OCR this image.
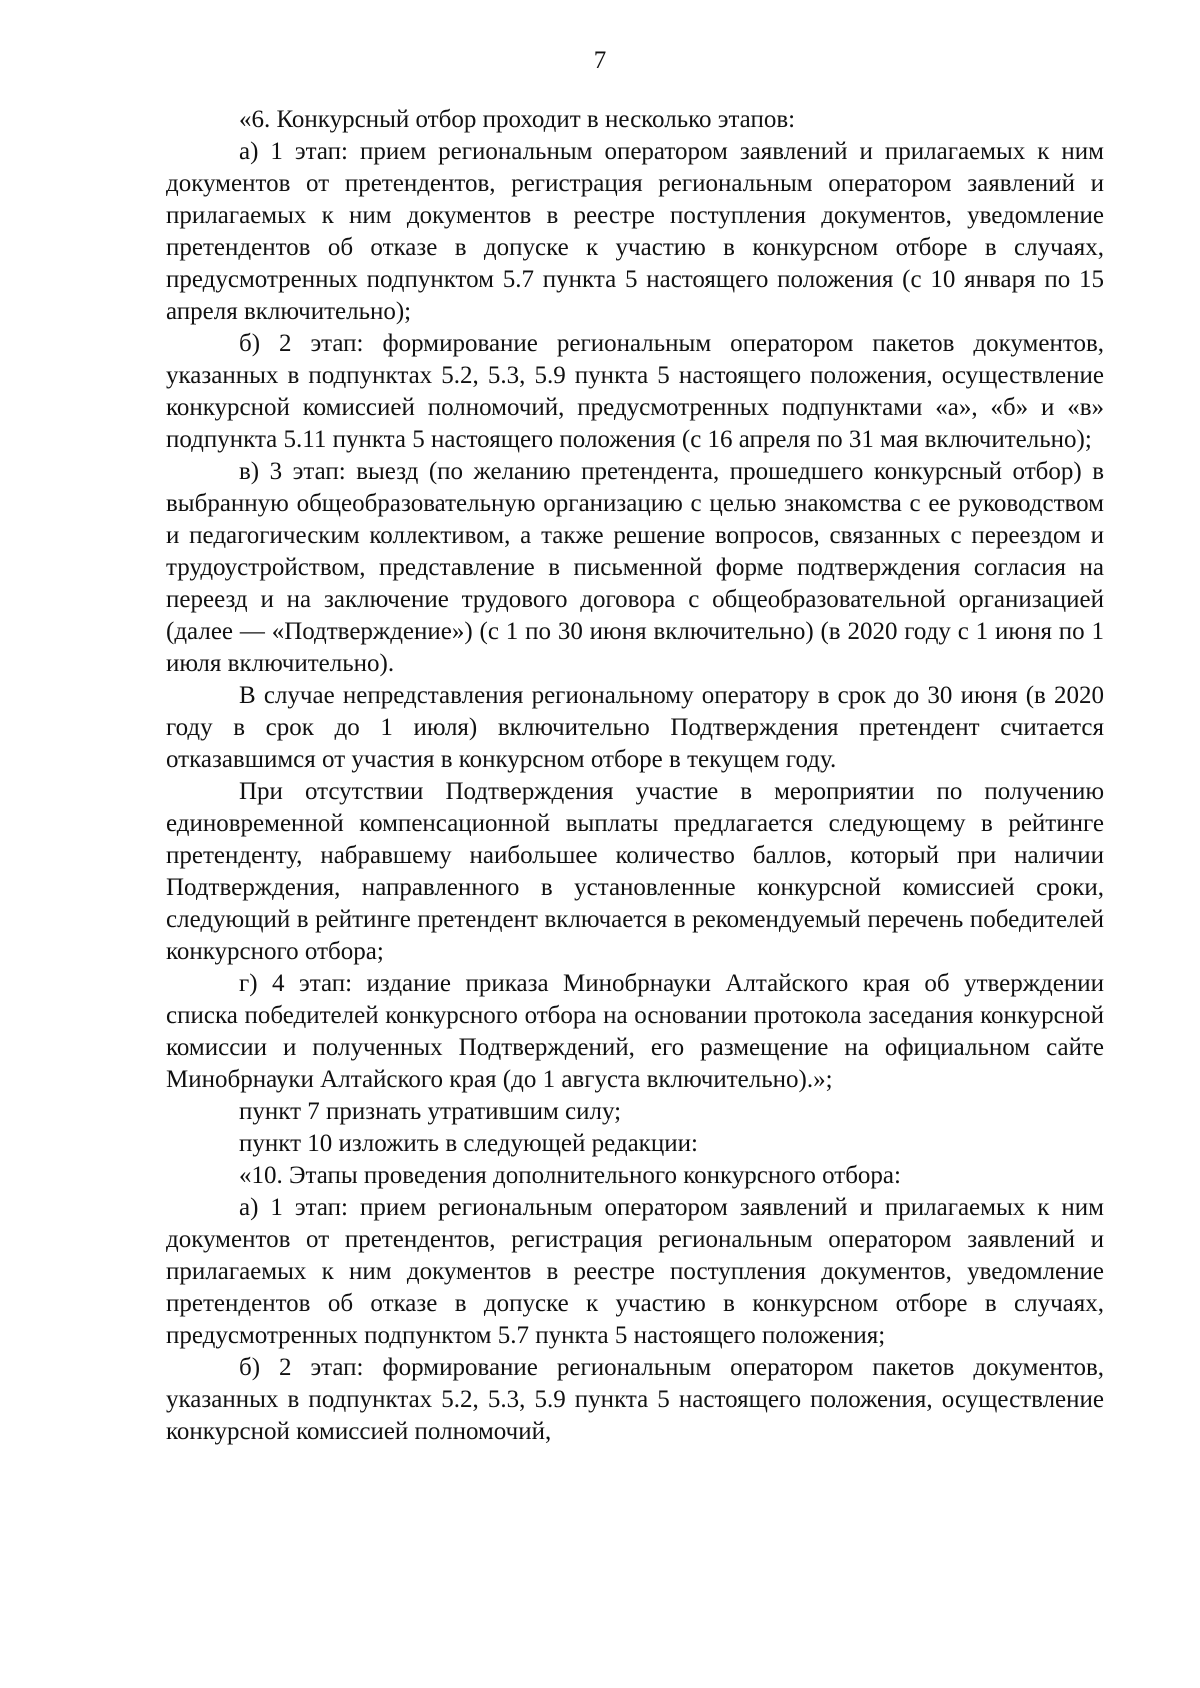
7

«6. Конкурсный отбор проходит в несколько этапов:

а) 1 этап: прием региональным оператором заявлений и прилагаемых к ним документов от претендентов, регистрация региональным оператором заявлений и прилагаемых к ним документов в реестре поступления документов, уведомление претендентов об отказе в допуске к участию в конкурсном отборе в случаях, предусмотренных подпунктом 5.7 пункта 5 настоящего положения (с 10 января по 15 апреля включительно);

б) 2 этап: формирование региональным оператором пакетов документов, указанных в подпунктах 5.2, 5.3, 5.9 пункта 5 настоящего положения, осуществление конкурсной комиссией полномочий, предусмотренных подпунктами «а», «б» и «в» подпункта 5.11 пункта 5 настоящего положения (с 16 апреля по 31 мая включительно);

в) 3 этап: выезд (по желанию претендента, прошедшего конкурсный отбор) в выбранную общеобразовательную организацию с целью знакомства с ее руководством и педагогическим коллективом, а также решение вопросов, связанных с переездом и трудоустройством, представление в письменной форме подтверждения согласия на переезд и на заключение трудового договора с общеобразовательной организацией (далее — «Подтверждение») (с 1 по 30 июня включительно) (в 2020 году с 1 июня по 1 июля включительно).

В случае непредставления региональному оператору в срок до 30 июня (в 2020 году в срок до 1 июля) включительно Подтверждения претендент считается отказавшимся от участия в конкурсном отборе в текущем году.

При отсутствии Подтверждения участие в мероприятии по получению единовременной компенсационной выплаты предлагается следующему в рейтинге претенденту, набравшему наибольшее количество баллов, который при наличии Подтверждения, направленного в установленные конкурсной комиссией сроки, следующий в рейтинге претендент включается в рекомендуемый перечень победителей конкурсного отбора;

г) 4 этап: издание приказа Минобрнауки Алтайского края об утверждении списка победителей конкурсного отбора на основании протокола заседания конкурсной комиссии и полученных Подтверждений, его размещение на официальном сайте Минобрнауки Алтайского края (до 1 августа включительно).»;

пункт 7 признать утратившим силу;

пункт 10 изложить в следующей редакции:

«10. Этапы проведения дополнительного конкурсного отбора:

а) 1 этап: прием региональным оператором заявлений и прилагаемых к ним документов от претендентов, регистрация региональным оператором заявлений и прилагаемых к ним документов в реестре поступления документов, уведомление претендентов об отказе в допуске к участию в конкурсном отборе в случаях, предусмотренных подпунктом 5.7 пункта 5 настоящего положения;

б) 2 этап: формирование региональным оператором пакетов документов, указанных в подпунктах 5.2, 5.3, 5.9 пункта 5 настоящего положения, осуществление конкурсной комиссией полномочий,
